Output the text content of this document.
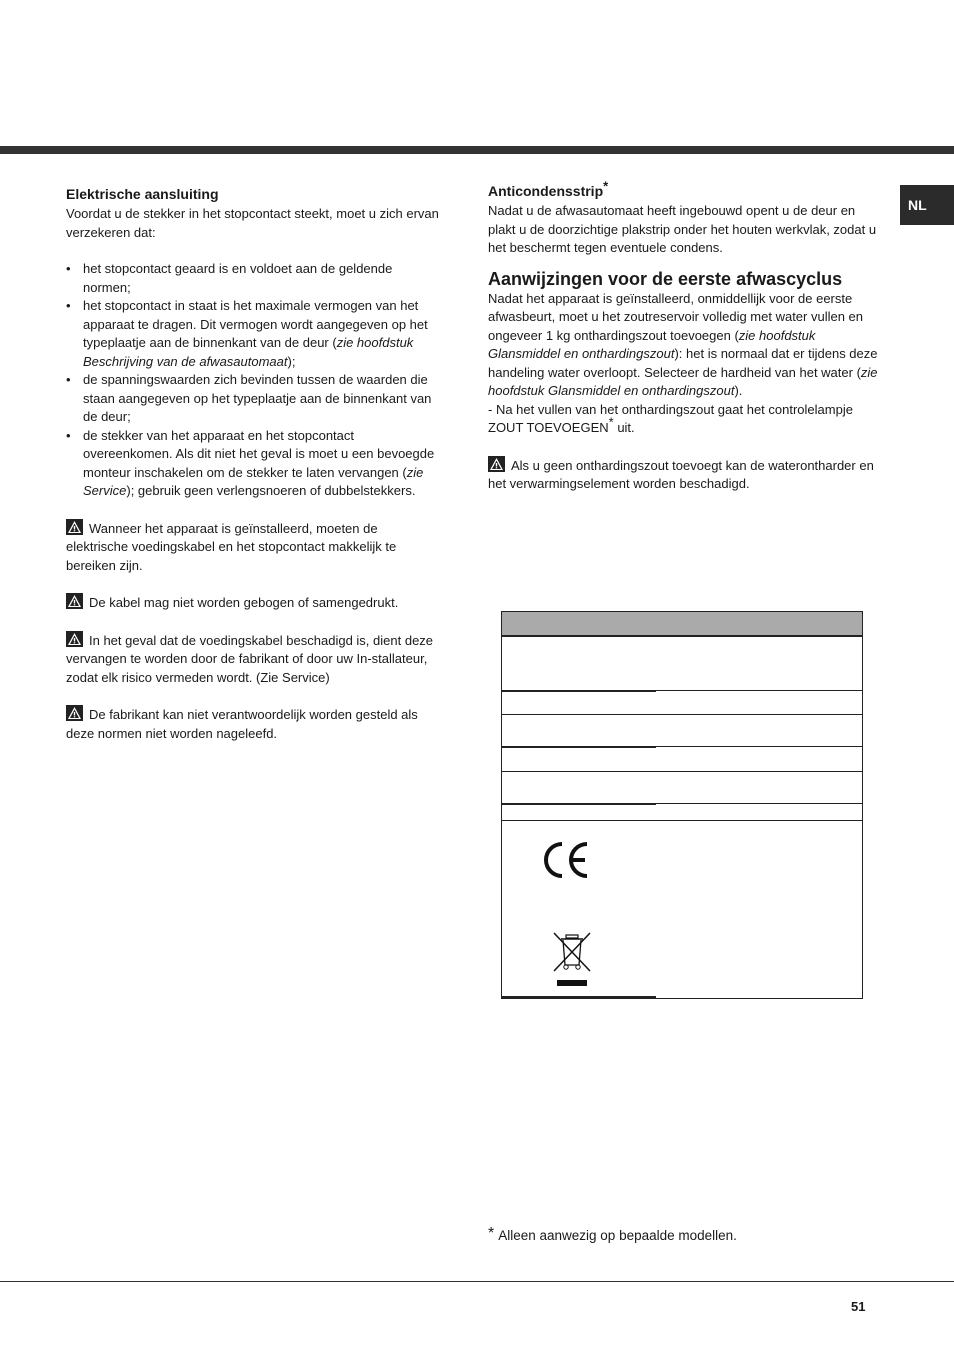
NL
Elektrische aansluiting

Voordat u de stekker in het stopcontact steekt, moet u zich ervan verzekeren dat:

• het stopcontact geaard is en voldoet aan de geldende normen;
• het stopcontact in staat is het maximale vermogen van het apparaat te dragen. Dit vermogen wordt aangegeven op het typeplaatje aan de binnenkant van de deur (zie hoofdstuk Beschrijving van de afwasautomaat);
• de spanningswaarden zich bevinden tussen de waarden die staan aangegeven op het typeplaatje aan de binnenkant van de deur;
• de stekker van het apparaat en het stopcontact overeenkomen. Als dit niet het geval is moet u een bevoegde monteur inschakelen om de stekker te laten vervangen (zie Service); gebruik geen verlengsnoeren of dubbelstekkers.

Wanneer het apparaat is geïnstalleerd, moeten de elektrische voedingskabel en het stopcontact makkelijk te bereiken zijn.

De kabel mag niet worden gebogen of samengedrukt.

In het geval dat de voedingskabel beschadigd is, dient deze vervangen te worden door de fabrikant of door uw In-stallateur, zodat elk risico vermeden wordt. (Zie Service)

De fabrikant kan niet verantwoordelijk worden gesteld als deze normen niet worden nageleefd.

Anticondensstrip*

Nadat u de afwasautomaat heeft ingebouwd opent u de deur en plakt u de doorzichtige plakstrip onder het houten werkvlak, zodat u het beschermt tegen eventuele condens.

Aanwijzingen voor de eerste afwascyclus

Nadat het apparaat is geïnstalleerd, onmiddellijk voor de eerste afwasbeurt, moet u het zoutreservoir volledig met water vullen en ongeveer 1 kg onthardingszout toevoegen (zie hoofdstuk Glansmiddel en onthardingszout): het is normaal dat er tijdens deze handeling water overloopt. Selecteer de hardheid van het water (zie hoofdstuk Glansmiddel en onthardingszout).

- Na het vullen van het onthardingszout gaat het controlelampje ZOUT TOEVOEGEN* uit.

Als u geen onthardingszout toevoegt kan de waterontharder en het verwarmingselement worden beschadigd.

* Alleen aanwezig op bepaalde modellen.
51
